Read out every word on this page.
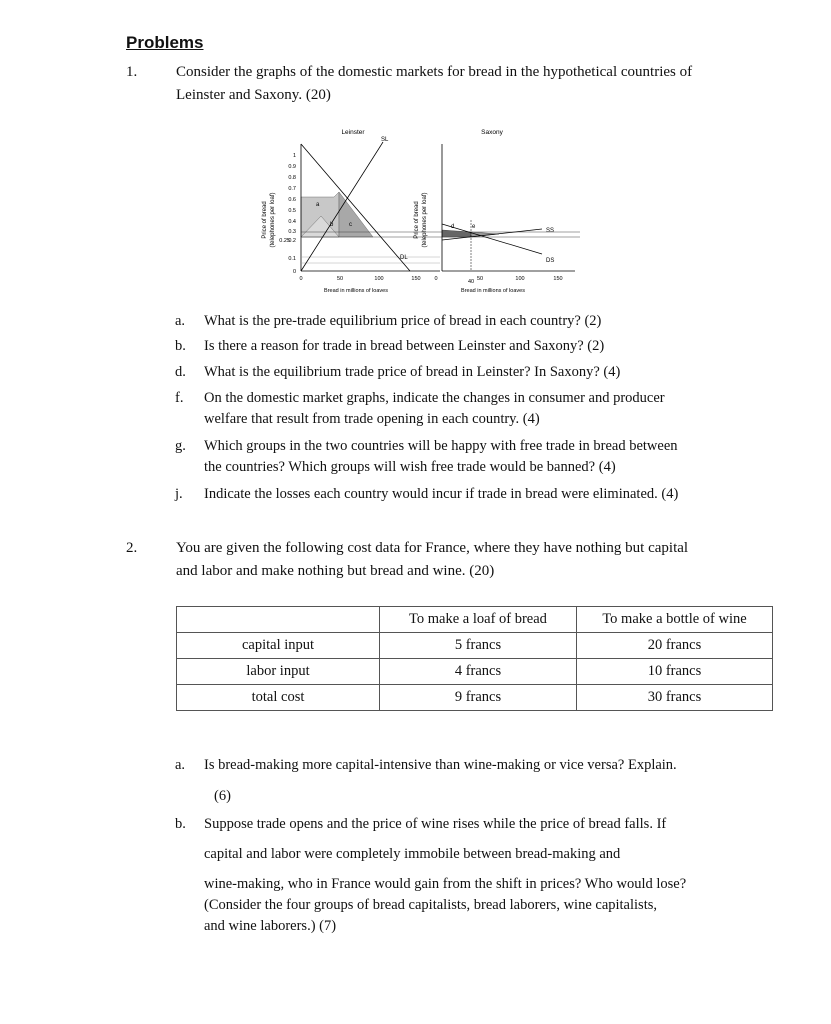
Problems
1.	Consider the graphs of the domestic markets for bread in the hypothetical countries of
Leinster and Saxony. (20)
Leinster
Price of bread (telephones per loaf)
SL
DL
a
b	c
0
0.1
0.2
0.25
0.3
0.4
0.5
0.6
0.7
0.8
0.9
1
0	50	100	150
Bread in millions of loaves
Saxony
Price of bread (telephones per loaf)	SS
DS
d	e
40
0	50	100	150
Bread in millions of loaves
a. What is the pre-trade equilibrium price of bread in each country? (2)
b. Is there a reason for trade in bread between Leinster and Saxony? (2)
d. What is the equilibrium trade price of bread in Leinster? In Saxony? (4)
f. On the domestic market graphs, indicate the changes in consumer and producer
welfare that result from trade opening in each country. (4)
g. Which groups in the two countries will be happy with free trade in bread between
the countries? Which groups will wish free trade would be banned? (4)
j. Indicate the losses each country would incur if trade in bread were eliminated. (4)
2.	You are given the following cost data for France, where they have nothing but capital
and labor and make nothing but bread and wine. (20)
	To make a loaf of bread	To make a bottle of wine
capital input	5 francs	20 francs
labor input	4 francs	10 francs
total cost	9 francs	30 francs
a. Is bread-making more capital-intensive than wine-making or vice versa? Explain.
(6)
b. Suppose trade opens and the price of wine rises while the price of bread falls. If
capital and labor were completely immobile between bread-making and
wine-making, who in France would gain from the shift in prices? Who would lose?
(Consider the four groups of bread capitalists, bread laborers, wine capitalists,
and wine laborers.) (7)
